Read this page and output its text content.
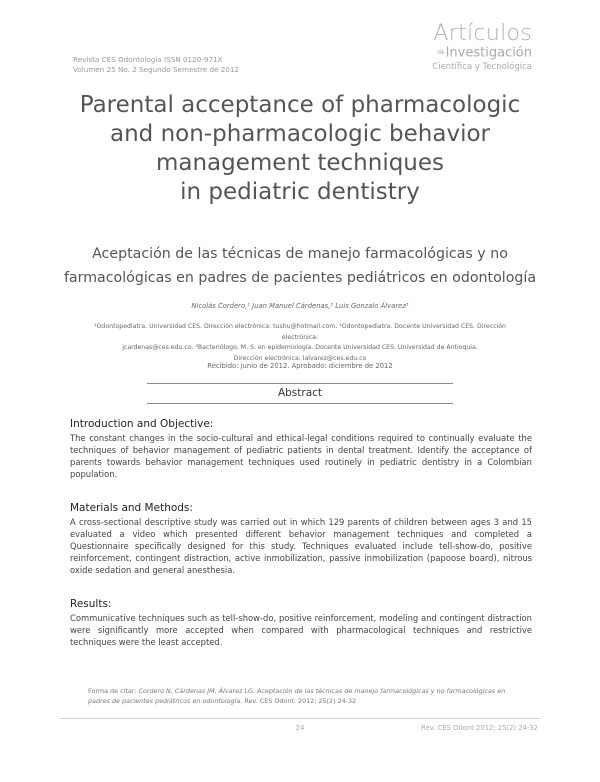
Revista CES Odontología ISSN 0120-971X
Volumen 25 No. 2 Segundo Semestre de 2012
Artículos
deInvestigación
Científica y Tecnológica
Parental acceptance of pharmacologic
and non-pharmacologic behavior
management techniques
in pediatric dentistry
Aceptación de las técnicas de manejo farmacológicas y no
farmacológicas en padres de pacientes pediátricos en odontología
Nicolás Cordero,¹ Juan Manuel Cárdenas,² Luis Gonzalo Álvarez³
¹Odontopediatra. Universidad CES. Dirección electrónica: tushu@hotmail.com. ²Odontopediatra. Docente Universidad CES. Dirección electrónica:
jcardenas@ces.edu.co. ³Bacteriólogo, M. S. en epidemiología. Docente Universidad CES. Universidad de Antioquia.
Dirección electrónica: lalvarez@ces.edu.co
Recibido: junio de 2012. Aprobado: diciembre de 2012
Abstract
Introduction and Objective:

The constant changes in the socio-cultural and ethical-legal conditions required to continually evaluate the techniques of behavior management of pediatric patients in dental treatment. Identify the acceptance of parents towards behavior management techniques used routinely in pediatric dentistry in a Colombian population.

Materials and Methods:

A cross-sectional descriptive study was carried out in which 129 parents of children between ages 3 and 15 evaluated a video which presented different behavior management techniques and completed a Questionnaire specifically designed for this study. Techniques evaluated include tell-show-do, positive reinforcement, contingent distraction, active inmobilization, passive inmobilization (papoose board), nitrous oxide sedation and general anesthesia.

Results:

Communicative techniques such as tell-show-do, positive reinforcement, modeling and contingent distraction were significantly more accepted when compared with pharmacological techniques and restrictive techniques were the least accepted.

Forma de citar: Cordero N, Cárdenas JM, Álvarez LG. Aceptación de las técnicas de manejo farmacológicas y no farmacológicas en padres de pacientes pediátricos en odontología. Rev. CES Odont. 2012; 25(2) 24-32
24	Rev. CES Odont 2012; 25(2) 24-32
